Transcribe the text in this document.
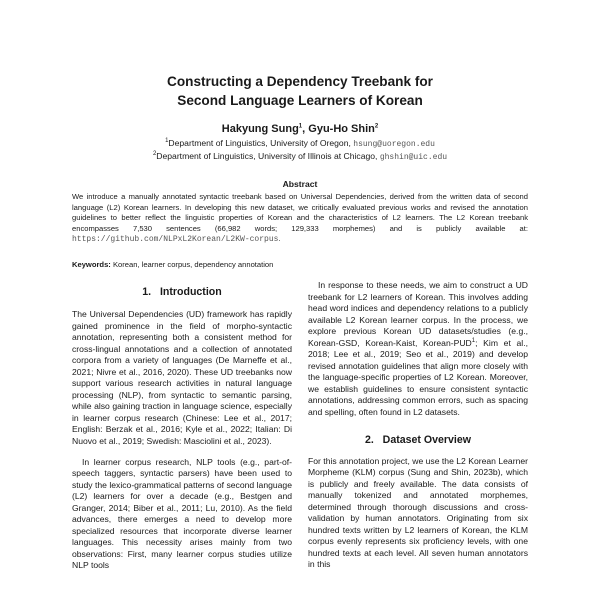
Constructing a Dependency Treebank for
Second Language Learners of Korean
Hakyung Sung$^1$, Gyu-Ho Shin$^2$
$^1$Department of Linguistics, University of Oregon, hsung@uoregon.edu
$^2$Department of Linguistics, University of Illinois at Chicago, ghshin@uic.edu
Abstract
We introduce a manually annotated syntactic treebank based on Universal Dependencies, derived from the written data of second language (L2) Korean learners. In developing this new dataset, we critically evaluated previous works and revised the annotation guidelines to better reflect the linguistic properties of Korean and the characteristics of L2 learners. The L2 Korean treebank encompasses 7,530 sentences (66,982 words; 129,333 morphemes) and is publicly available at: https://github.com/NLPxL2Korean/L2KW-corpus.
Keywords: Korean, learner corpus, dependency annotation
1. Introduction

The Universal Dependencies (UD) framework has rapidly gained prominence in the field of morpho-syntactic annotation, representing both a consistent method for cross-lingual annotations and a collection of annotated corpora from a variety of languages (De Marneffe et al., 2021; Nivre et al., 2016, 2020). These UD treebanks now support various research activities in natural language processing (NLP), from syntactic to semantic parsing, while also gaining traction in language science, especially in learner corpus research (Chinese: Lee et al., 2017; English: Berzak et al., 2016; Kyle et al., 2022; Italian: Di Nuovo et al., 2019; Swedish: Masciolini et al., 2023).

In learner corpus research, NLP tools (e.g., part-of-speech taggers, syntactic parsers) have been used to study the lexico-grammatical patterns of second language (L2) learners for over a decade (e.g., Bestgen and Granger, 2014; Biber et al., 2011; Lu, 2010). As the field advances, there emerges a need to develop more specialized resources that incorporate diverse learner languages. This necessity arises mainly from two observations: First, many learner corpus studies utilize NLP tools

In response to these needs, we aim to construct a UD treebank for L2 learners of Korean. This involves adding head word indices and dependency relations to a publicly available L2 Korean learner corpus. In the process, we explore previous Korean UD datasets/studies (e.g., Korean-GSD, Korean-Kaist, Korean-PUD$^1$; Kim et al., 2018; Lee et al., 2019; Seo et al., 2019) and develop revised annotation guidelines that align more closely with the language-specific properties of L2 Korean. Moreover, we establish guidelines to ensure consistent syntactic annotations, addressing common errors, such as spacing and spelling, often found in L2 datasets.

2. Dataset Overview

For this annotation project, we use the L2 Korean Learner Morpheme (KLM) corpus (Sung and Shin, 2023b), which is publicly and freely available. The data consists of manually tokenized and annotated morphemes, determined through thorough discussions and cross-validation by human annotators. Originating from six hundred texts written by L2 learners of Korean, the KLM corpus evenly represents six proficiency levels, with one hundred texts at each level. All seven human annotators in this
